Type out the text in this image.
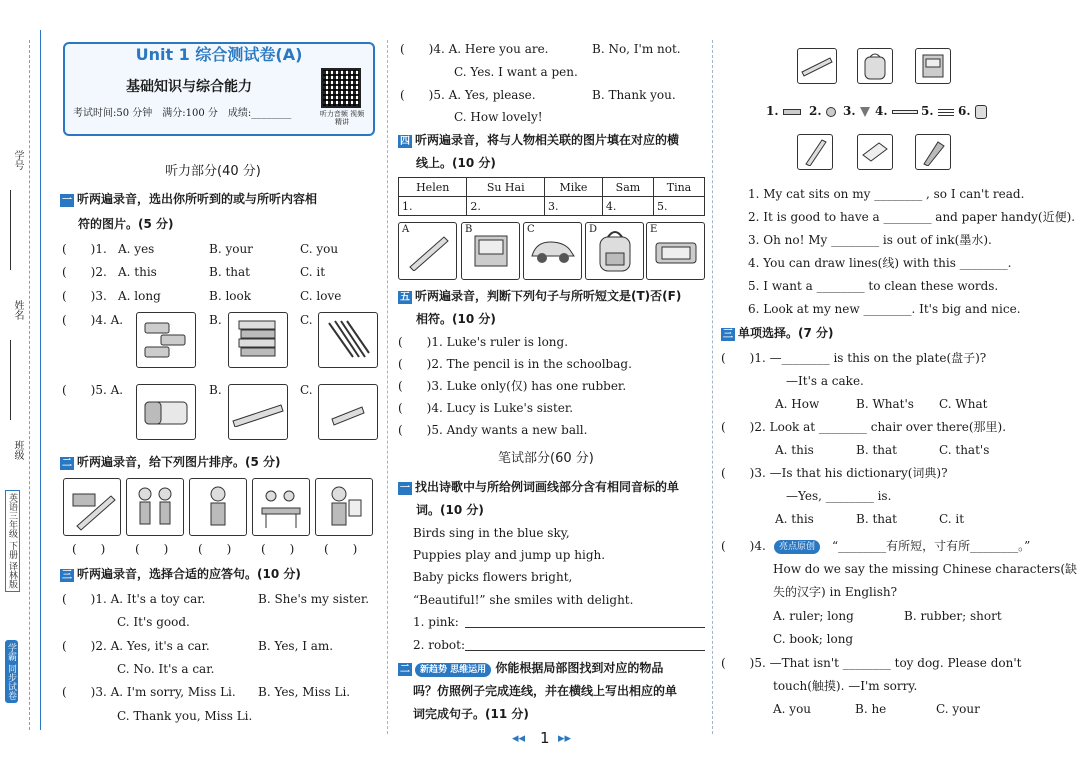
学号
姓名
班级
英语三年级 下册 译林版
学霸 同步试卷
Unit 1 综合测试卷(A)
基础知识与综合能力
考试时间:50 分钟　满分:100 分　成绩:________	听力音频 视频精讲
听力部分(40 分)
一 听两遍录音，选出你所听到的或与所听内容相
符的图片。(5 分)
(　　)1. A. yes	B. your	C. you
(　　)2. A. this	B. that	C. it
(　　)3. A. long	B. look	C. love
(　　)4. A.	B.	C.
(　　)5. A.	B.	C.
二 听两遍录音，给下列图片排序。(5 分)
(　　) (　　) (　　) (　　) (　　)
三 听两遍录音，选择合适的应答句。(10 分)
(　　)1. A. It's a toy car.	B. She's my sister.
C. It's good.
(　　)2. A. Yes, it's a car.	B. Yes, I am.
C. No. It's a car.
(　　)3. A. I'm sorry, Miss Li. B. Yes, Miss Li.
C. Thank you, Miss Li.
(　　)4. A. Here you are.	B. No, I'm not.
C. Yes. I want a pen.
(　　)5. A. Yes, please.	B. Thank you.
C. How lovely!
四 听两遍录音，将与人物相关联的图片填在对应的横
线上。(10 分)
Helen	Su Hai	Mike	Sam	Tina
1.	2.	3.	4.	5.
A	B	C	D	E
五 听两遍录音，判断下列句子与所听短文是(T)否(F)
相符。(10 分)
(　　)1. Luke's ruler is long.
(　　)2. The pencil is in the schoolbag.
(　　)3. Luke only(仅) has one rubber.
(　　)4. Lucy is Luke's sister.
(　　)5. Andy wants a new ball.
笔试部分(60 分)
一 找出诗歌中与所给例词画线部分含有相同音标的单
词。(10 分)
Birds sing in the blue sky,
Puppies play and jump up high.
Baby picks flowers bright,
“Beautiful!” she smiles with delight.
1. pink:
2. robot:
二 新趋势 思维运用 你能根据局部图找到对应的物品
吗？仿照例子完成连线，并在横线上写出相应的单
词完成句子。(11 分)
1.	2.	3.	4.	5.	6.
1. My cat sits on my ________ , so I can't read.
2. It is good to have a ________ and paper handy(近便).
3. Oh no! My ________ is out of ink(墨水).
4. You can draw lines(线) with this ________.
5. I want a ________ to clean these words.
6. Look at my new ________. It's big and nice.
三 单项选择。(7 分)
(　　)1. —________ is this on the plate(盘子)?
—It's a cake.
A. How	B. What's C. What
(　　)2. Look at ________ chair over there(那里).
A. this	B. that	C. that's
(　　)3. —Is that his dictionary(词典)?
—Yes, ________ is.
A. this	B. that	C. it
(　　)4.	亮点原创	“________有所短，寸有所________。”
How do we say the missing Chinese characters(缺
失的汉字) in English?
A. ruler; long	B. rubber; short
C. book; long
(　　)5. —That isn't ________ toy dog. Please don't
touch(触摸). —I'm sorry.
A. you	B. he	C. your
◂◂ 1 ▸▸
